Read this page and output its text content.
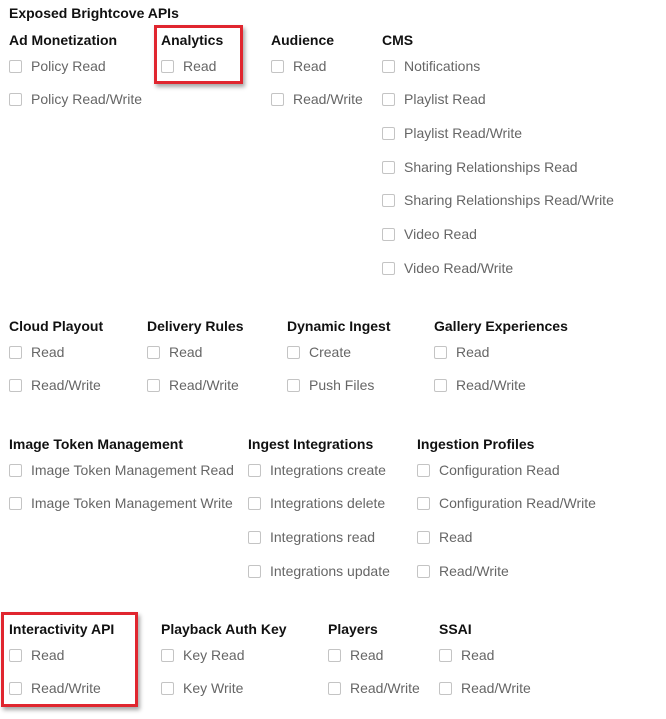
Exposed Brightcove APIs
Ad Monetization
Policy Read
Policy Read/Write
Analytics
Read
Audience
Read
Read/Write
CMS
Notifications
Playlist Read
Playlist Read/Write
Sharing Relationships Read
Sharing Relationships Read/Write
Video Read
Video Read/Write
Cloud Playout
Read
Read/Write
Delivery Rules
Read
Read/Write
Dynamic Ingest
Create
Push Files
Gallery Experiences
Read
Read/Write
Image Token Management
Image Token Management Read
Image Token Management Write
Ingest Integrations
Integrations create
Integrations delete
Integrations read
Integrations update
Ingestion Profiles
Configuration Read
Configuration Read/Write
Read
Read/Write
Interactivity API
Read
Read/Write
Playback Auth Key
Key Read
Key Write
Players
Read
Read/Write
SSAI
Read
Read/Write
